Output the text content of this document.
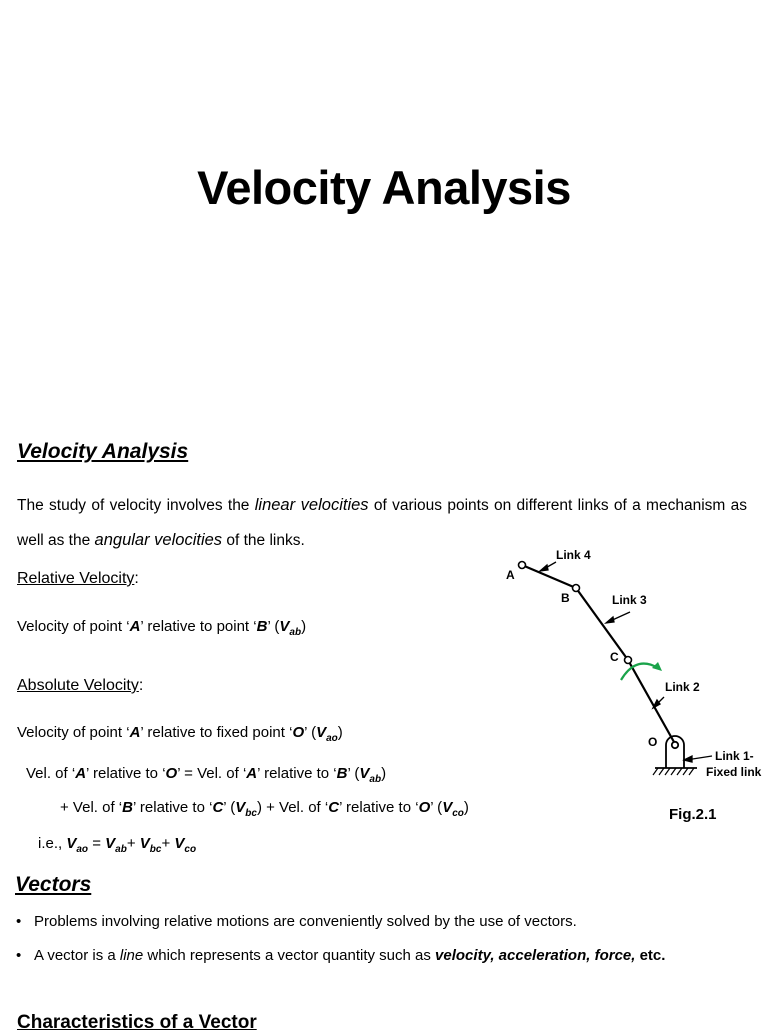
Velocity Analysis
Velocity Analysis
The study of velocity involves the linear velocities of various points on different links of a mechanism as well as the angular velocities of the links.
Relative Velocity:
Velocity of point ‘A’ relative to point ‘B’ $(V_{ab})$
Absolute Velocity:
Velocity of point ‘A’ relative to fixed point ‘O’ $(V_{ao})$
Vel. of ‘A’ relative to ‘O’ = Vel. of ‘A’ relative to ‘B’ $(V_{ab})$
+ Vel. of ‘B’ relative to ‘C’ $(V_{bc})$ + Vel. of ‘C’ relative to ‘O’ $(V_{co})$
i.e., $V_{ao} = V_{ab}+ V_{bc}+ V_{co}$
Vectors
• Problems involving relative motions are conveniently solved by the use of vectors.
• A vector is a line which represents a vector quantity such as velocity, acceleration, force, etc.
Characteristics of a Vector
A
B
C
O
Link 4
Link 3
Link 2
Link 1-
Fixed link
Fig.2.1
